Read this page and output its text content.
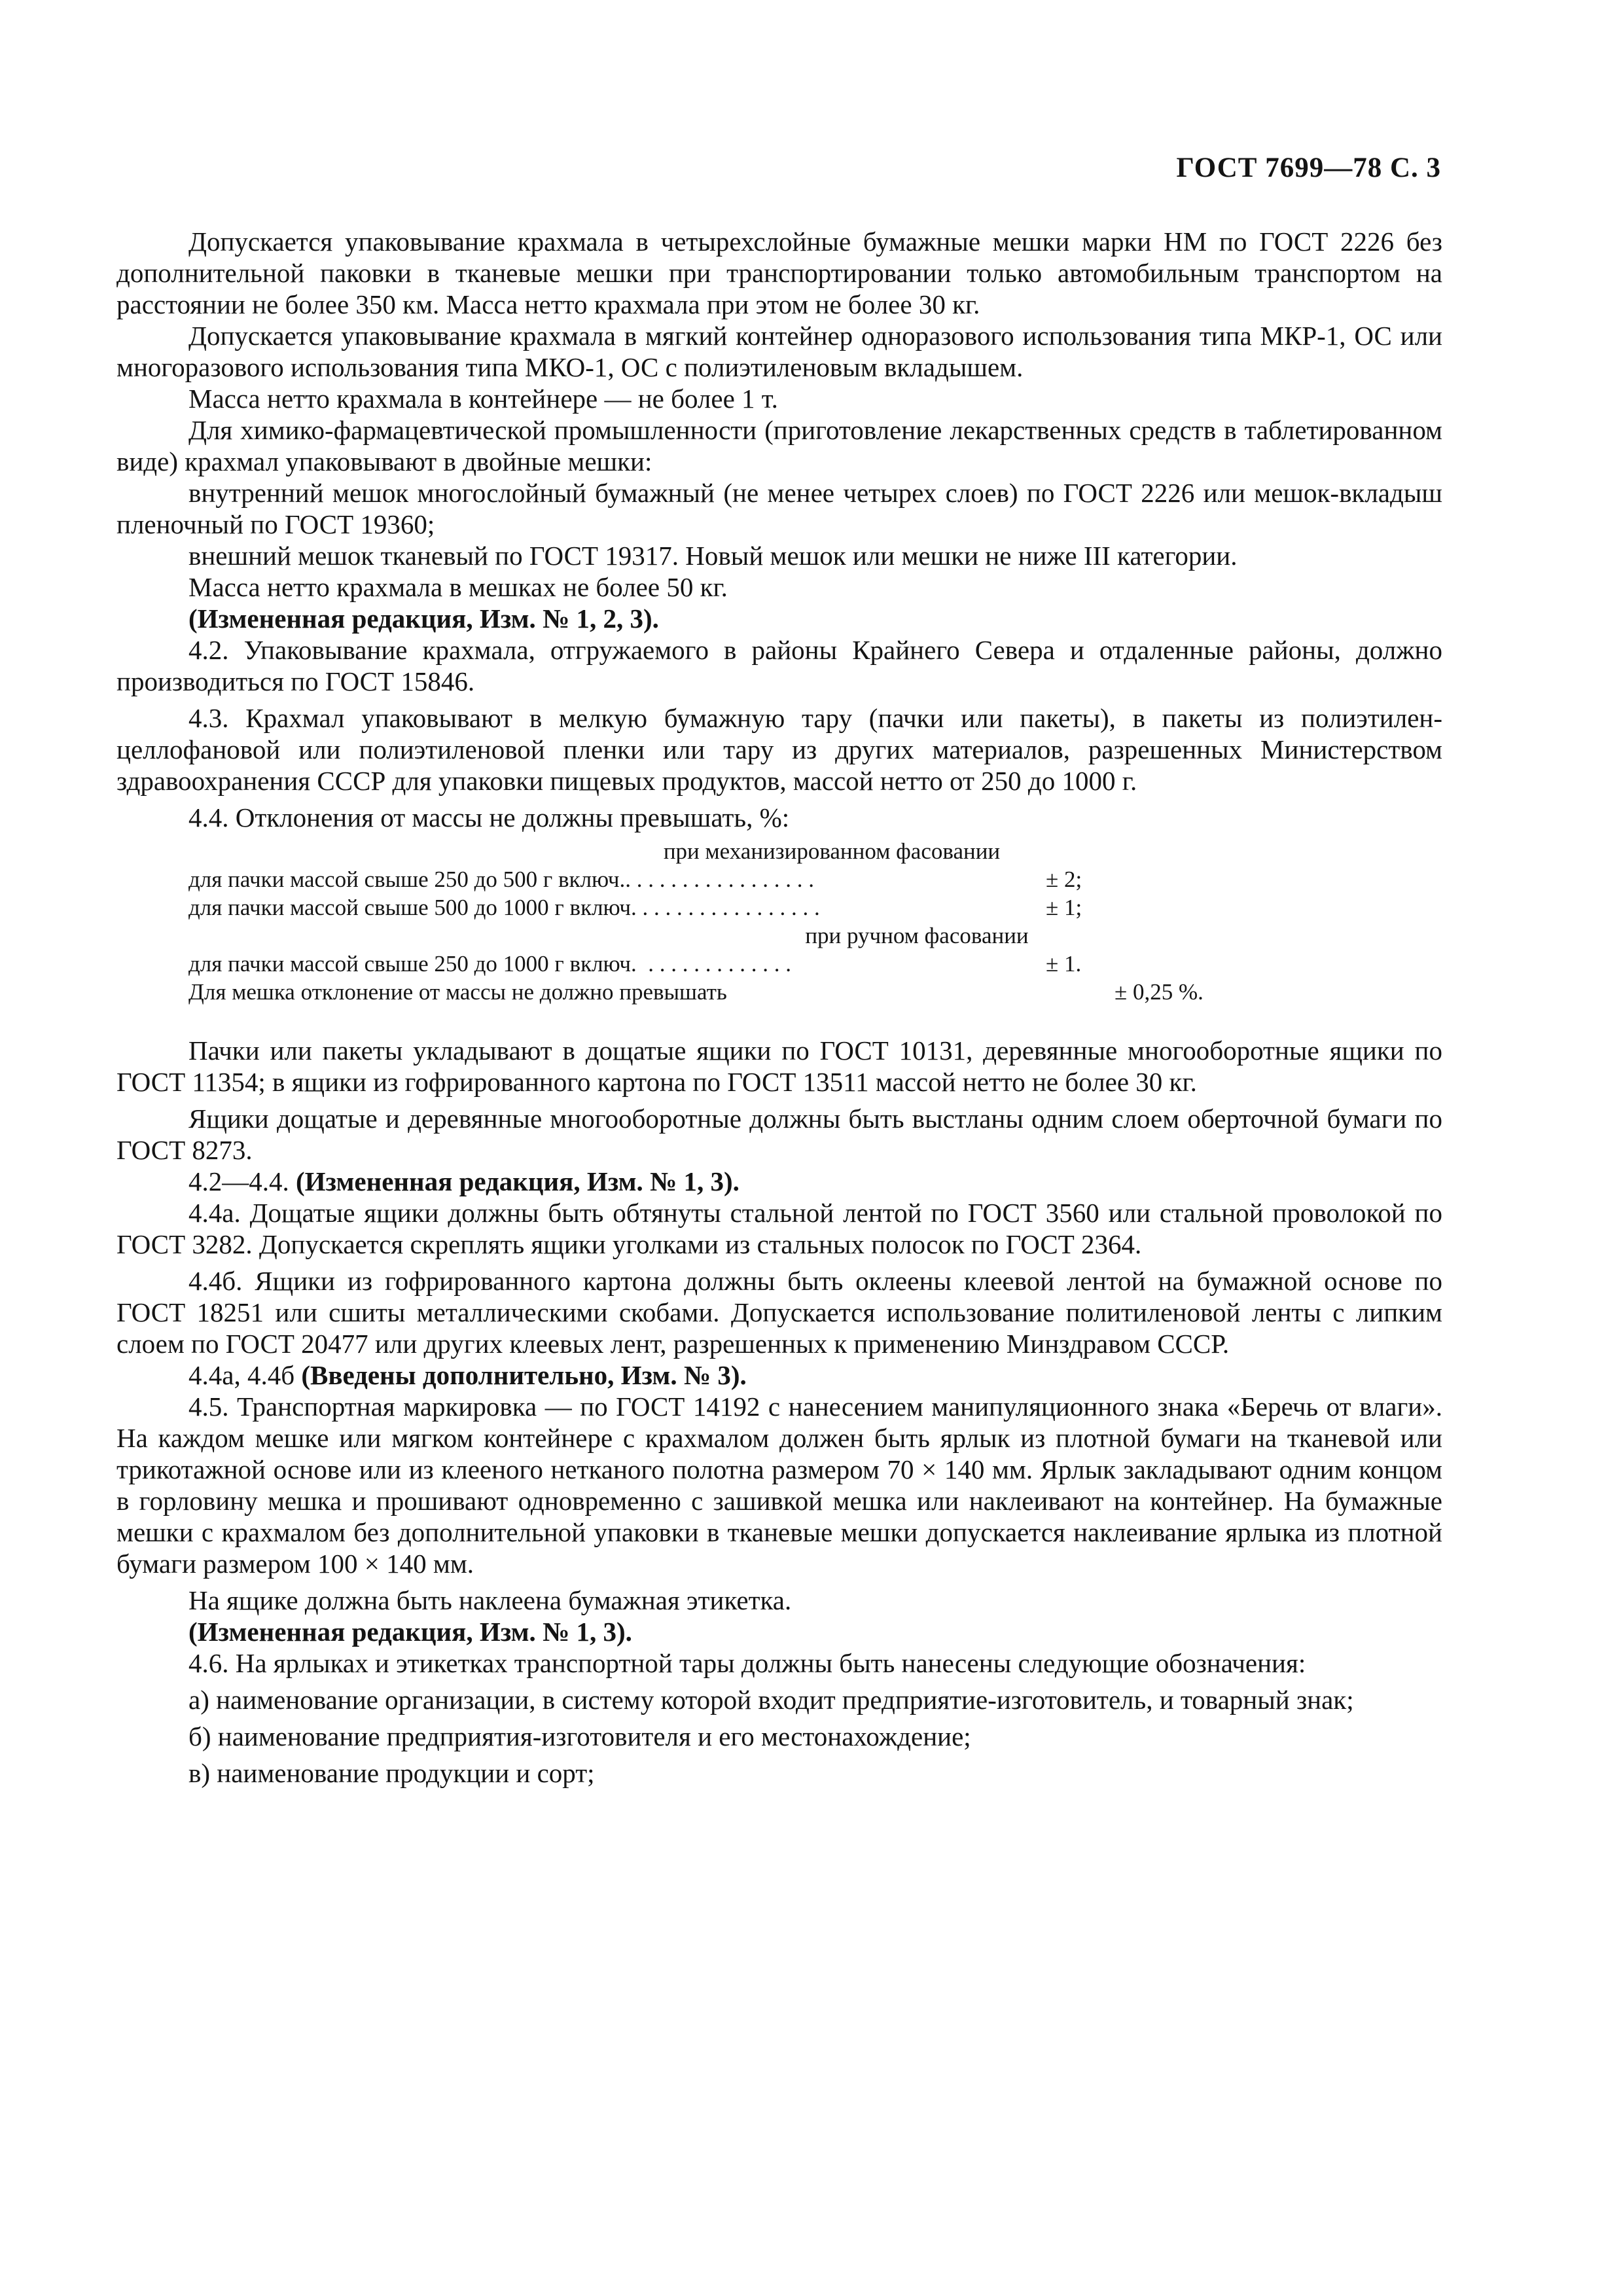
ГОСТ 7699—78 С. 3

Допускается упаковывание крахмала в четырехслойные бумажные мешки марки НМ по ГОСТ 2226 без дополнительной паковки в тканевые мешки при транспортировании только автомобильным транспортом на расстоянии не более 350 км. Масса нетто крахмала при этом не более 30 кг.

Допускается упаковывание крахмала в мягкий контейнер одноразового использования типа МКР-1, ОС или многоразового использования типа МКО-1, ОС с полиэтиленовым вкладышем.

Масса нетто крахмала в контейнере — не более 1 т.

Для химико-фармацевтической промышленности (приготовление лекарственных средств в таблетированном виде) крахмал упаковывают в двойные мешки:

внутренний мешок многослойный бумажный (не менее четырех слоев) по ГОСТ 2226 или мешок-вкладыш пленочный по ГОСТ 19360;

внешний мешок тканевый по ГОСТ 19317. Новый мешок или мешки не ниже III категории.

Масса нетто крахмала в мешках не более 50 кг.

(Измененная редакция, Изм. № 1, 2, 3).

4.2. Упаковывание крахмала, отгружаемого в районы Крайнего Севера и отдаленные районы, должно производиться по ГОСТ 15846.

4.3. Крахмал упаковывают в мелкую бумажную тару (пачки или пакеты), в пакеты из полиэтилен-целлофановой или полиэтиленовой пленки или тару из других материалов, разрешенных Министерством здравоохранения СССР для упаковки пищевых продуктов, массой нетто от 250 до 1000 г.

4.4. Отклонения от массы не должны превышать, %:

при механизированном фасовании
для пачки массой свыше 250 до 500 г включ.. . . . . . . . . . . . . . . . .	± 2;
для пачки массой свыше 500 до 1000 г включ. . . . . . . . . . . . . . . . .	± 1;
при ручном фасовании
для пачки массой свыше 250 до 1000 г включ.  . . . . . . . . . . . . .	± 1.
Для мешка отклонение от массы не должно превышать	± 0,25 %.

Пачки или пакеты укладывают в дощатые ящики по ГОСТ 10131, деревянные многооборотные ящики по ГОСТ 11354; в ящики из гофрированного картона по ГОСТ 13511 массой нетто не более 30 кг.

Ящики дощатые и деревянные многооборотные должны быть выстланы одним слоем оберточной бумаги по ГОСТ 8273.

4.2—4.4. (Измененная редакция, Изм. № 1, 3).

4.4а. Дощатые ящики должны быть обтянуты стальной лентой по ГОСТ 3560 или стальной проволокой по ГОСТ 3282. Допускается скреплять ящики уголками из стальных полосок по ГОСТ 2364.

4.4б. Ящики из гофрированного картона должны быть оклеены клеевой лентой на бумажной основе по ГОСТ 18251 или сшиты металлическими скобами. Допускается использование политиленовой ленты с липким слоем по ГОСТ 20477 или других клеевых лент, разрешенных к применению Минздравом СССР.

4.4а, 4.4б (Введены дополнительно, Изм. № 3).

4.5. Транспортная маркировка — по ГОСТ 14192 с нанесением манипуляционного знака «Беречь от влаги». На каждом мешке или мягком контейнере с крахмалом должен быть ярлык из плотной бумаги на тканевой или трикотажной основе или из клееного нетканого полотна размером 70 × 140 мм. Ярлык закладывают одним концом в горловину мешка и прошивают одновременно с зашивкой мешка или наклеивают на контейнер. На бумажные мешки с крахмалом без дополнительной упаковки в тканевые мешки допускается наклеивание ярлыка из плотной бумаги размером 100 × 140 мм.

На ящике должна быть наклеена бумажная этикетка.

(Измененная редакция, Изм. № 1, 3).

4.6. На ярлыках и этикетках транспортной тары должны быть нанесены следующие обозначения:

а) наименование организации, в систему которой входит предприятие-изготовитель, и товарный знак;

б) наименование предприятия-изготовителя и его местонахождение;

в) наименование продукции и сорт;
